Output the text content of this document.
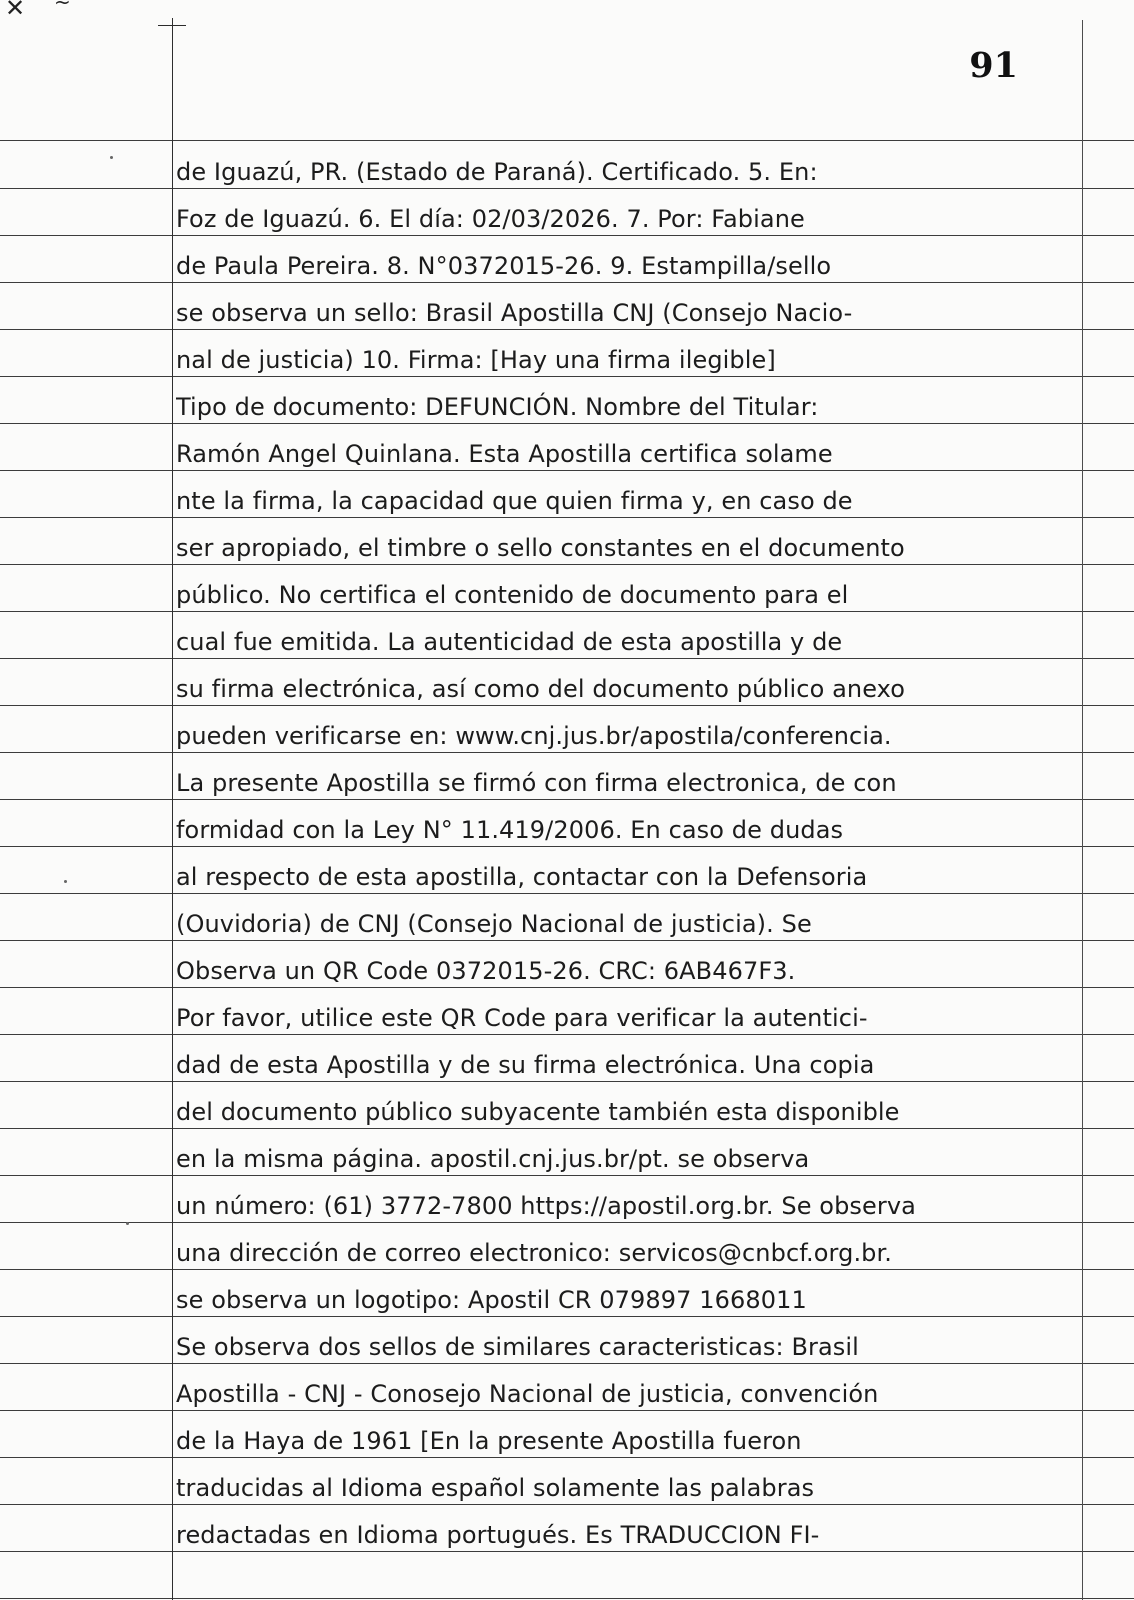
✕ ~
91
de Iguazú, PR. (Estado de Paraná). Certificado. 5. En:
Foz de Iguazú. 6. El día: 02/03/2026. 7. Por: Fabiane
de Paula Pereira. 8. N°0372015-26. 9. Estampilla/sello
se observa un sello: Brasil Apostilla CNJ (Consejo Nacio-
nal de justicia) 10. Firma: [Hay una firma ilegible]
Tipo de documento: DEFUNCIÓN. Nombre del Titular:
Ramón Angel Quinlana. Esta Apostilla certifica solame
nte la firma, la capacidad que quien firma y, en caso de
ser apropiado, el timbre o sello constantes en el documento
público. No certifica el contenido de documento para el
cual fue emitida. La autenticidad de esta apostilla y de
su firma electrónica, así como del documento público anexo
pueden verificarse en: www.cnj.jus.br/apostila/conferencia.
La presente Apostilla se firmó con firma electronica, de con
formidad con la Ley N° 11.419/2006. En caso de dudas
al respecto de esta apostilla, contactar con la Defensoria
(Ouvidoria) de CNJ (Consejo Nacional de justicia). Se
Observa un QR Code 0372015-26. CRC: 6AB467F3.
Por favor, utilice este QR Code para verificar la autentici-
dad de esta Apostilla y de su firma electrónica. Una copia
del documento público subyacente también esta disponible
en la misma página. apostil.cnj.jus.br/pt. se observa
un número: (61) 3772-7800 https://apostil.org.br. Se observa
una dirección de correo electronico: servicos@cnbcf.org.br.
se observa un logotipo: Apostil CR 079897 1668011
Se observa dos sellos de similares caracteristicas: Brasil
Apostilla - CNJ - Conosejo Nacional de justicia, convención
de la Haya de 1961 [En la presente Apostilla fueron
traducidas al Idioma español solamente las palabras
redactadas en Idioma portugués. Es TRADUCCION FI-
